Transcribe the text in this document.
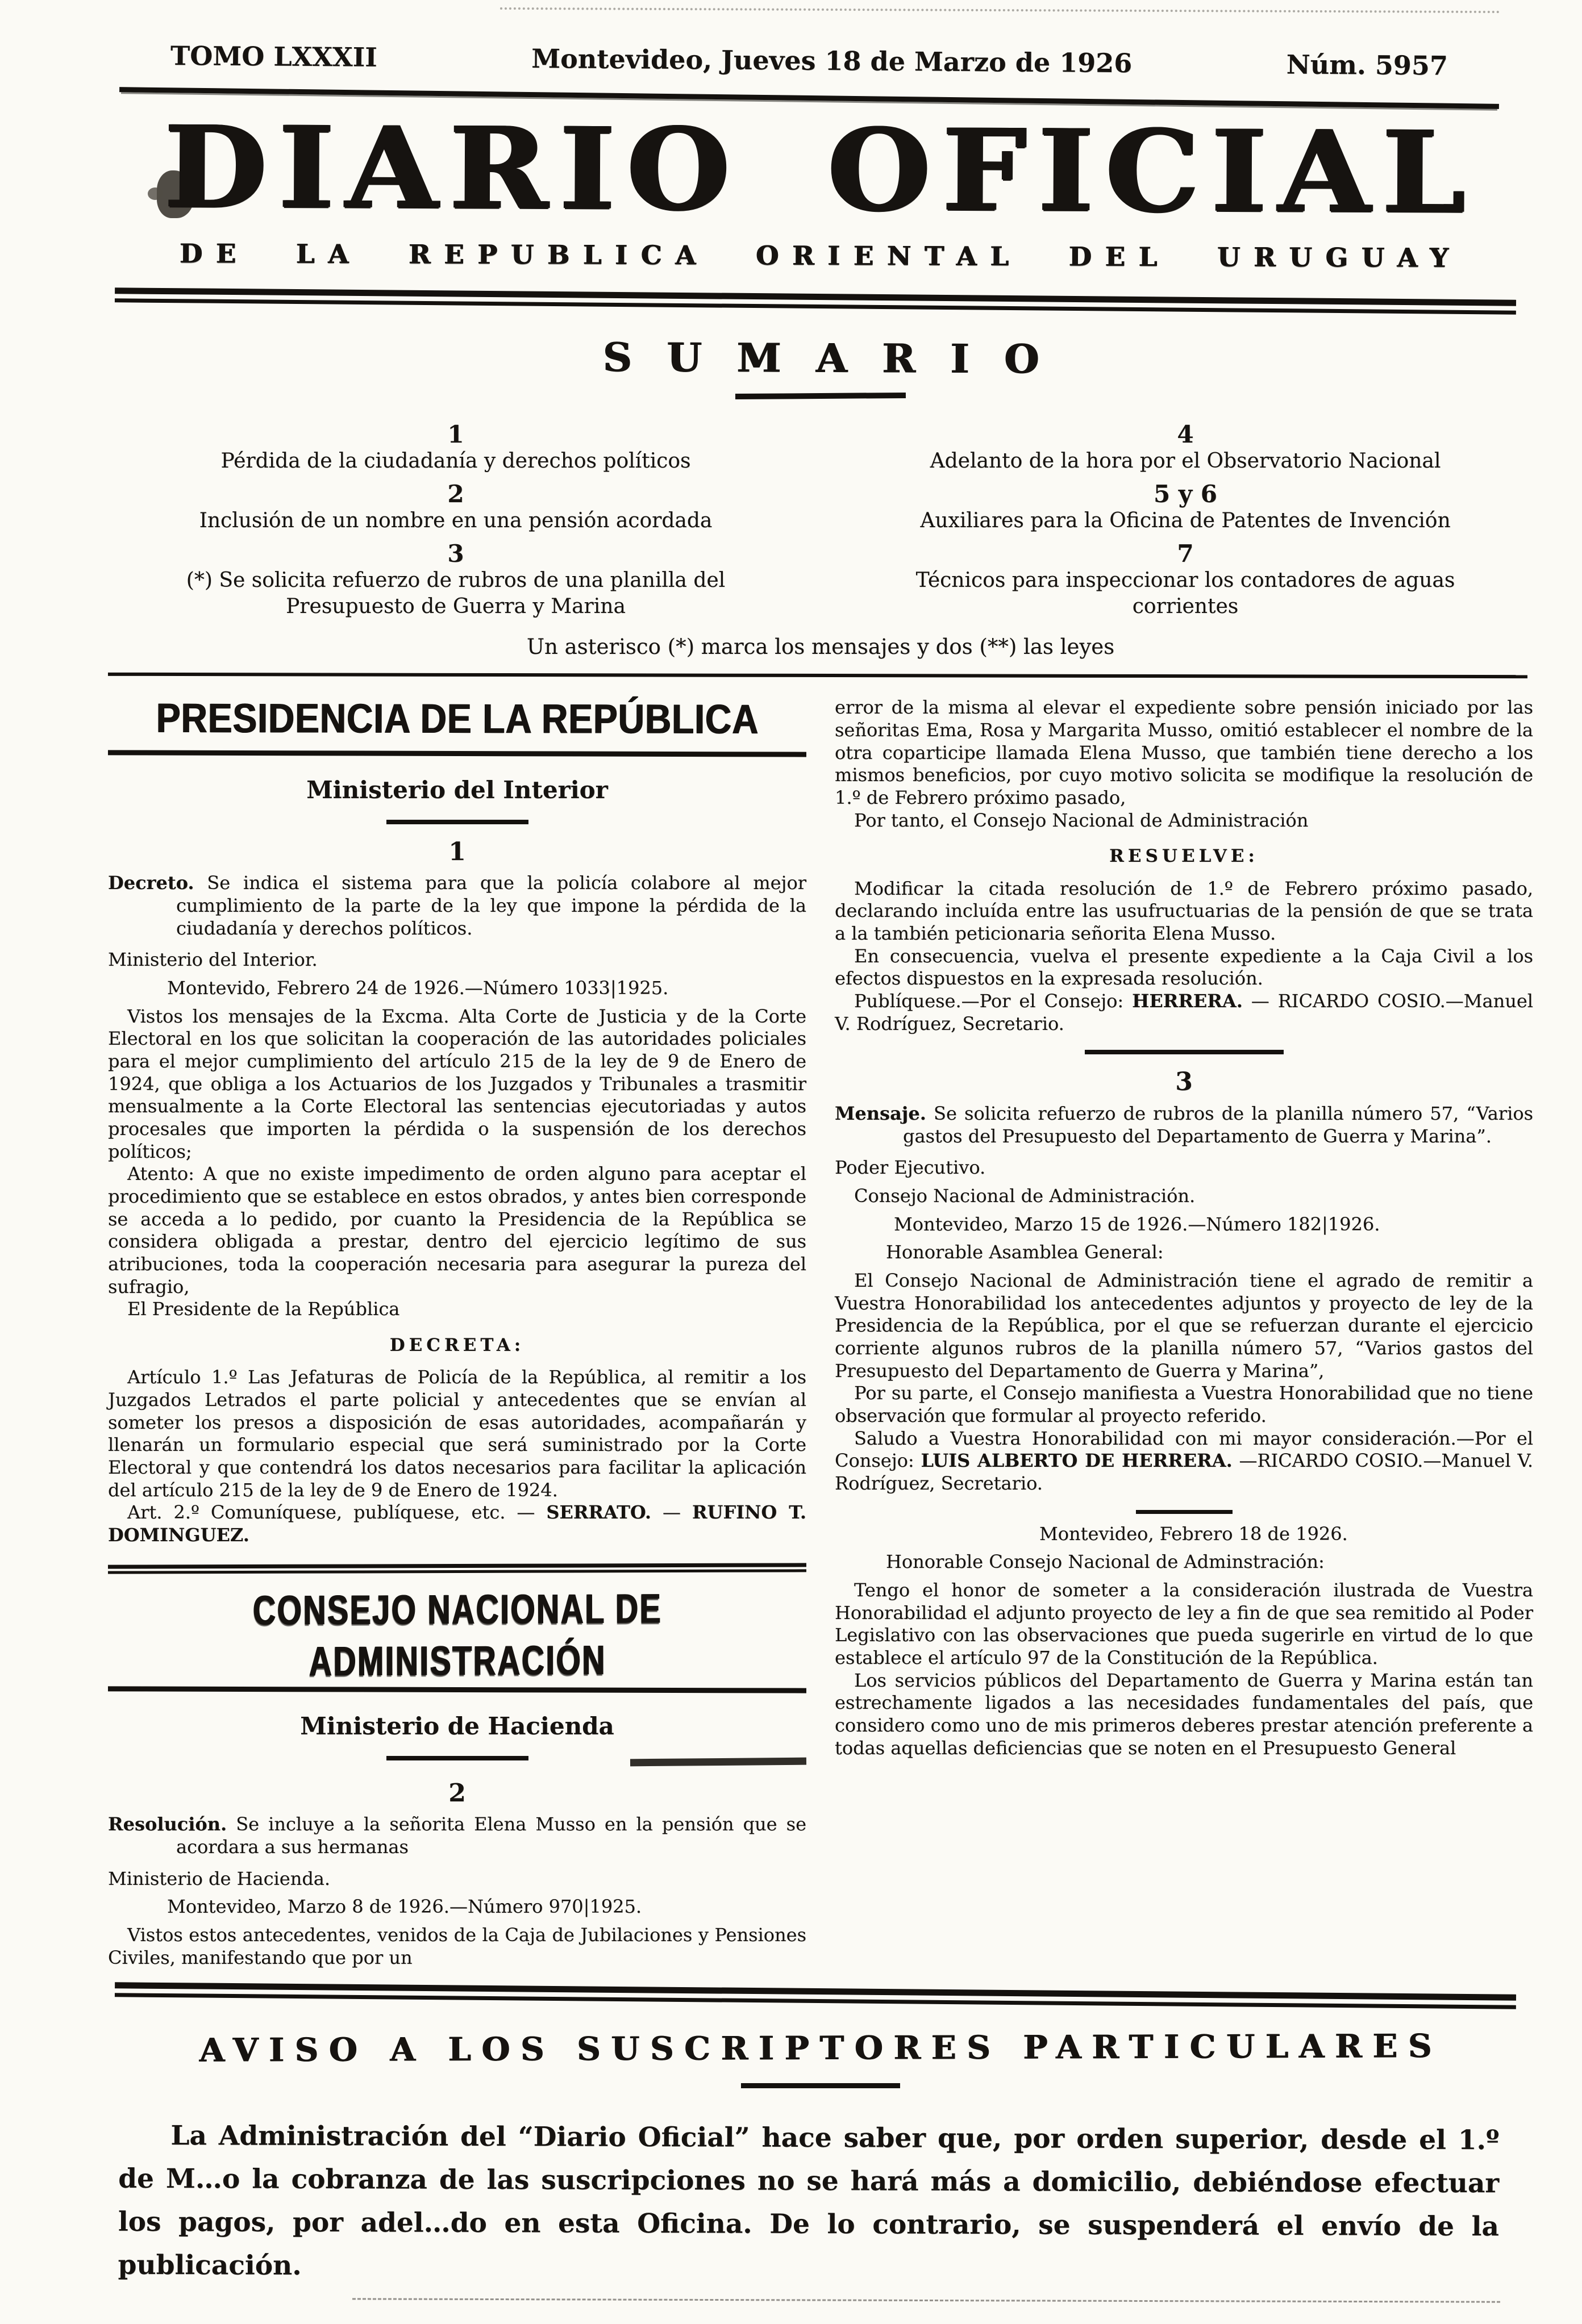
TOMO LXXXII	Montevideo, Jueves 18 de Marzo de 1926	Núm. 5957
DIARIO OFICIAL
DE LA REPUBLICA ORIENTAL DEL URUGUAY
SUMARIO
1
Pérdida de la ciudadanía y derechos políticos
2
Inclusión de un nombre en una pensión acordada
3
(*) Se solicita refuerzo de rubros de una planilla del Presupuesto de Guerra y Marina
4
Adelanto de la hora por el Observatorio Nacional
5 y 6
Auxiliares para la Oficina de Patentes de Invención
7
Técnicos para inspeccionar los contadores de aguas corrientes
Un asterisco (*) marca los mensajes y dos (**) las leyes
PRESIDENCIA DE LA REPÚBLICA
Ministerio del Interior
1

Decreto. Se indica el sistema para que la policía colabore al mejor cumplimiento de la parte de la ley que impone la pérdida de la ciudadanía y derechos políticos.

Ministerio del Interior.

Montevido, Febrero 24 de 1926.—Número 1033|1925.

Vistos los mensajes de la Excma. Alta Corte de Justicia y de la Corte Electoral en los que solicitan la cooperación de las autoridades policiales para el mejor cumplimiento del artículo 215 de la ley de 9 de Enero de 1924, que obliga a los Actuarios de los Juzgados y Tribunales a trasmitir mensualmente a la Corte Electoral las sentencias ejecutoriadas y autos procesales que importen la pérdida o la suspensión de los derechos políticos;

Atento: A que no existe impedimento de orden alguno para aceptar el procedimiento que se establece en estos obrados, y antes bien corresponde se acceda a lo pedido, por cuanto la Presidencia de la República se considera obligada a prestar, dentro del ejercicio legítimo de sus atribuciones, toda la cooperación necesaria para asegurar la pureza del sufragio,

El Presidente de la República

DECRETA:

Artículo 1.º Las Jefaturas de Policía de la República, al remitir a los Juzgados Letrados el parte policial y antecedentes que se envían al someter los presos a disposición de esas autoridades, acompañarán y llenarán un formulario especial que será suministrado por la Corte Electoral y que contendrá los datos necesarios para facilitar la aplicación del artículo 215 de la ley de 9 de Enero de 1924.

Art. 2.º Comuníquese, publíquese, etc. — SERRATO. — RUFINO T. DOMINGUEZ.

CONSEJO NACIONAL DE ADMINISTRACIÓN
Ministerio de Hacienda
2

Resolución. Se incluye a la señorita Elena Musso en la pensión que se acordara a sus hermanas

Ministerio de Hacienda.

Montevideo, Marzo 8 de 1926.—Número 970|1925.

Vistos estos antecedentes, venidos de la Caja de Jubilaciones y Pensiones Civiles, manifestando que por un

error de la misma al elevar el expediente sobre pensión iniciado por las señoritas Ema, Rosa y Margarita Musso, omitió establecer el nombre de la otra coparticipe llamada Elena Musso, que también tiene derecho a los mismos beneficios, por cuyo motivo solicita se modifique la resolución de 1.º de Febrero próximo pasado,

Por tanto, el Consejo Nacional de Administración

RESUELVE:

Modificar la citada resolución de 1.º de Febrero próximo pasado, declarando incluída entre las usufructuarias de la pensión de que se trata a la también peticionaria señorita Elena Musso.

En consecuencia, vuelva el presente expediente a la Caja Civil a los efectos dispuestos en la expresada resolución.

Publíquese.—Por el Consejo: HERRERA. — RICARDO COSIO.—Manuel V. Rodríguez, Secretario.

3

Mensaje. Se solicita refuerzo de rubros de la planilla número 57, “Varios gastos del Presupuesto del Departamento de Guerra y Marina”.

Poder Ejecutivo.

Consejo Nacional de Administración.

Montevideo, Marzo 15 de 1926.—Número 182|1926.

Honorable Asamblea General:

El Consejo Nacional de Administración tiene el agrado de remitir a Vuestra Honorabilidad los antecedentes adjuntos y proyecto de ley de la Presidencia de la República, por el que se refuerzan durante el ejercicio corriente algunos rubros de la planilla número 57, “Varios gastos del Presupuesto del Departamento de Guerra y Marina”,

Por su parte, el Consejo manifiesta a Vuestra Honorabilidad que no tiene observación que formular al proyecto referido.

Saludo a Vuestra Honorabilidad con mi mayor consideración.—Por el Consejo: LUIS ALBERTO DE HERRERA. —RICARDO COSIO.—Manuel V. Rodríguez, Secretario.

Montevideo, Febrero 18 de 1926.

Honorable Consejo Nacional de Adminstración:

Tengo el honor de someter a la consideración ilustrada de Vuestra Honorabilidad el adjunto proyecto de ley a fin de que sea remitido al Poder Legislativo con las observaciones que pueda sugerirle en virtud de lo que establece el artículo 97 de la Constitución de la República.

Los servicios públicos del Departamento de Guerra y Marina están tan estrechamente ligados a las necesidades fundamentales del país, que considero como uno de mis primeros deberes prestar atención preferente a todas aquellas deficiencias que se noten en el Presupuesto General

AVISO A LOS SUSCRIPTORES PARTICULARES

La Administración del “Diario Oficial” hace saber que, por orden superior, desde el 1.º de M…o la cobranza de las suscripciones no se hará más a domicilio, debiéndose efectuar los pagos, por adel…do en esta Oficina. De lo contrario, se suspenderá el envío de la publicación.
